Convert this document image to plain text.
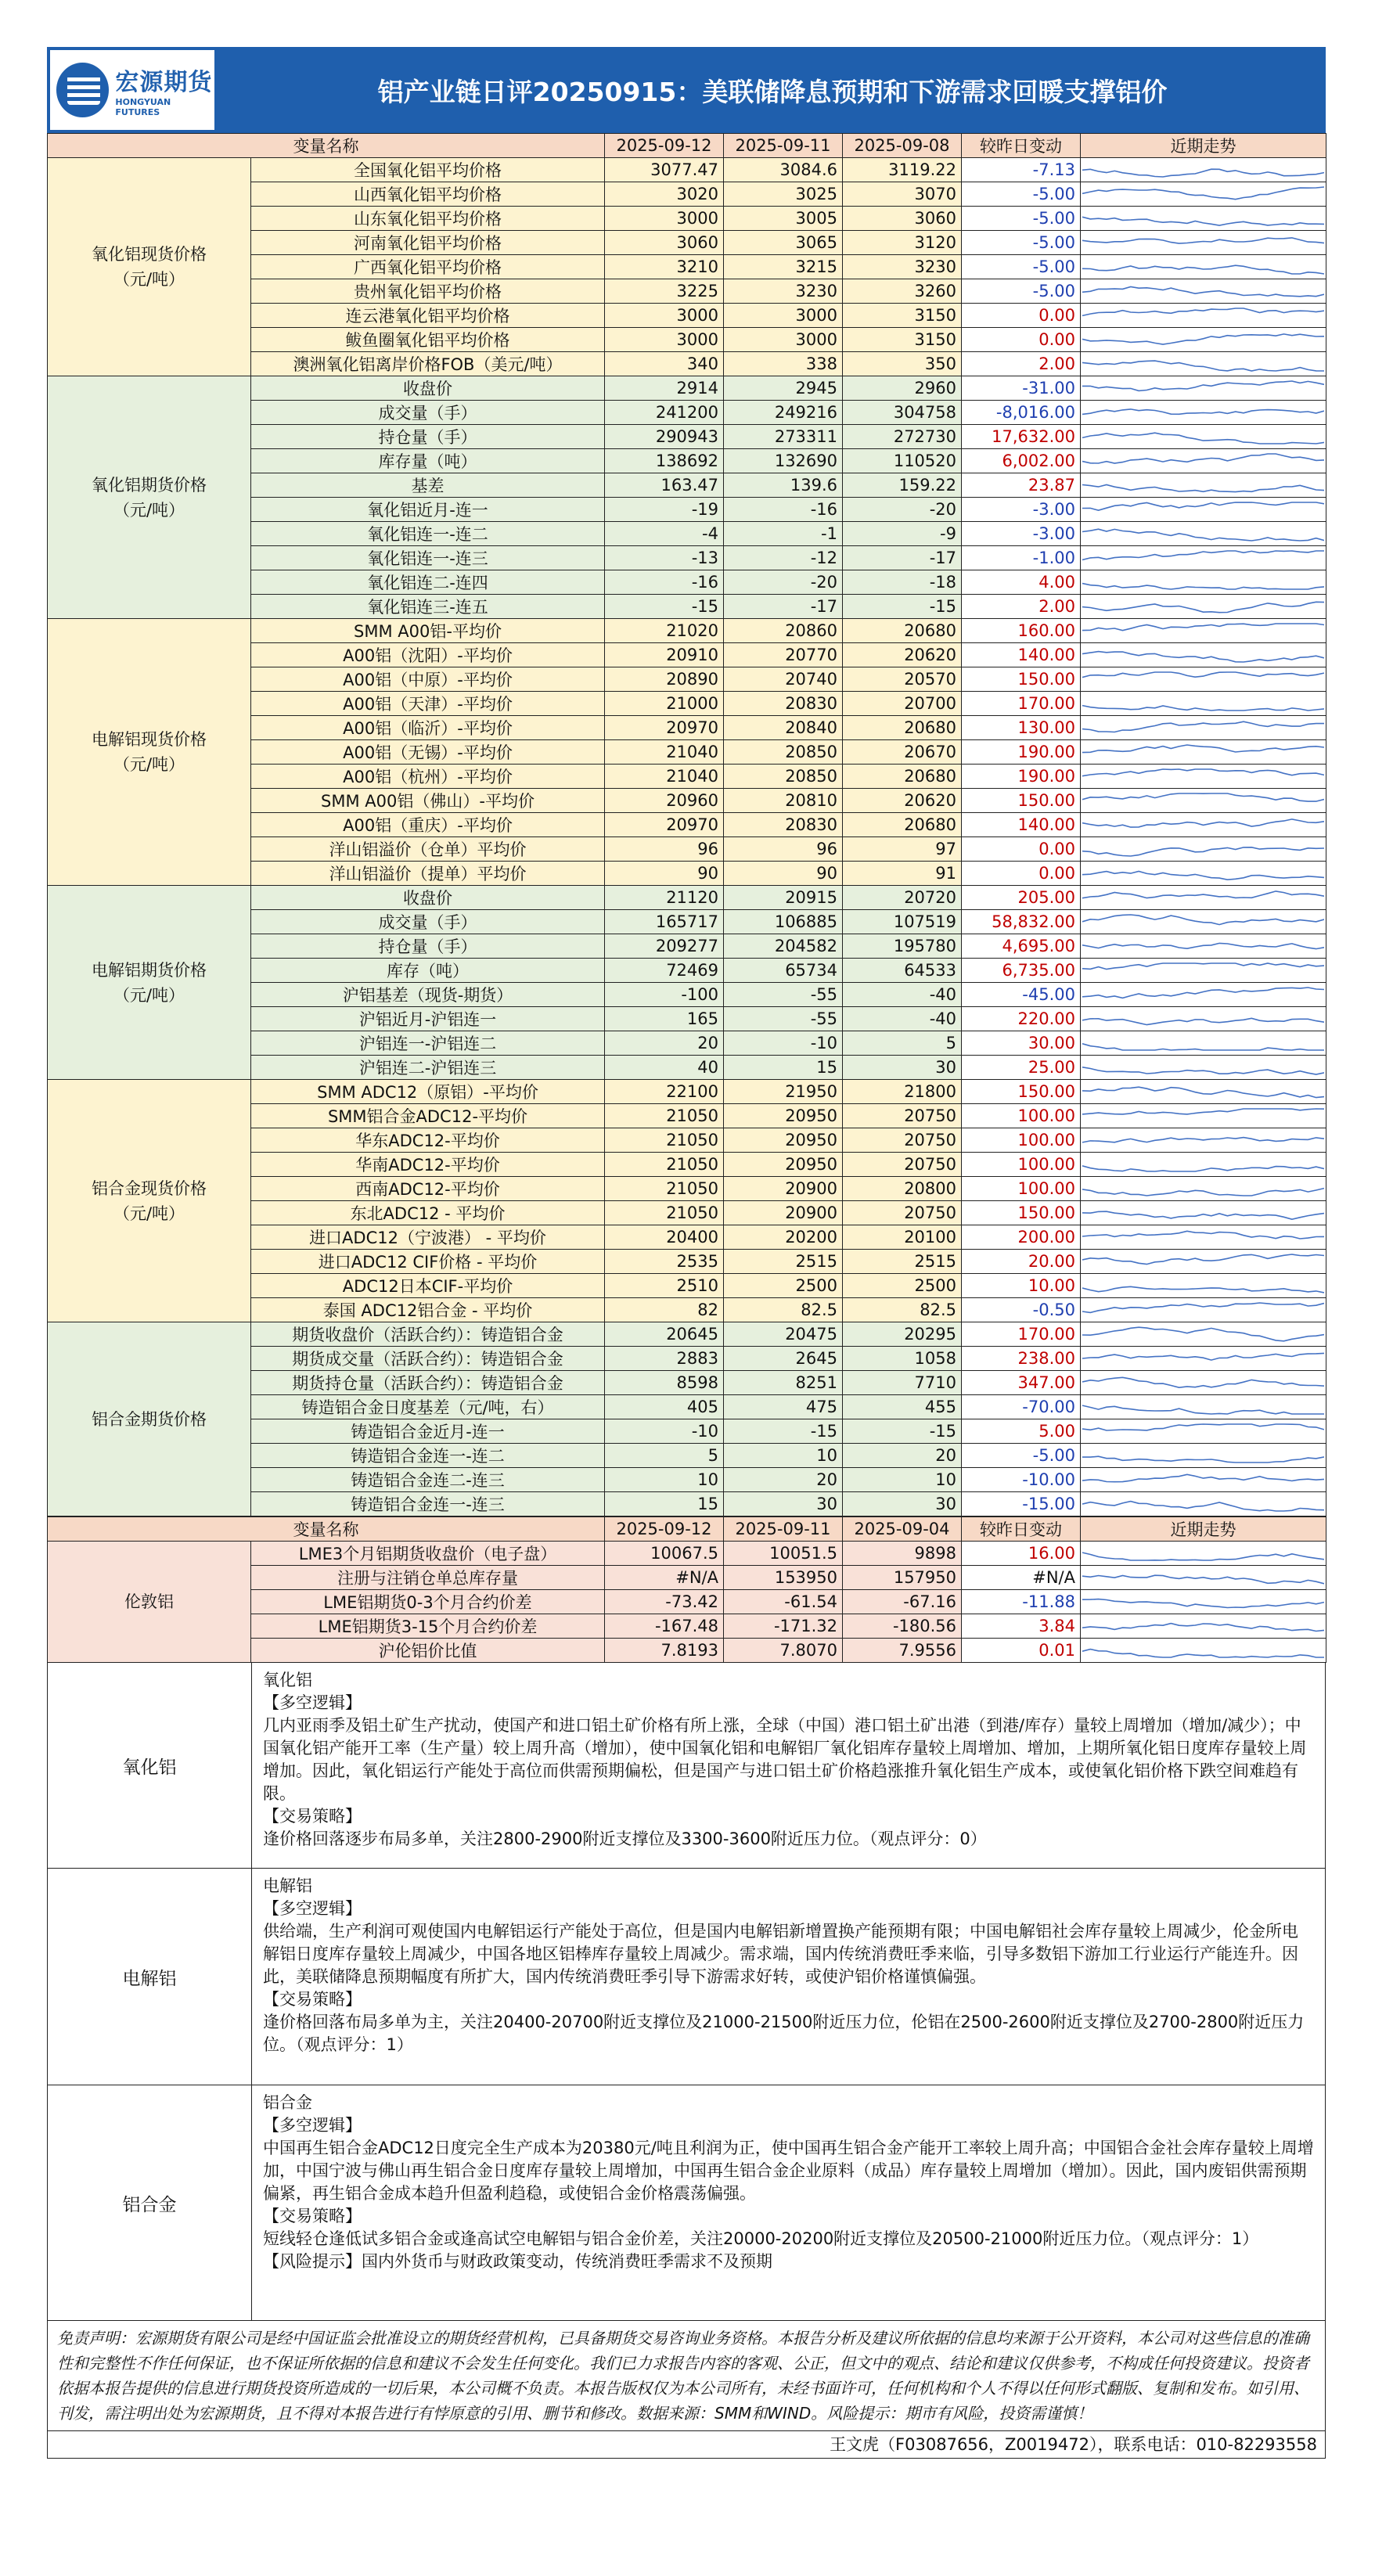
宏源期货
HONGYUAN FUTURES
铝产业链日评20250915：美联储降息预期和下游需求回暖支撑铝价
变量名称		2025-09-12	2025-09-11	2025-09-08	较昨日变动	近期走势
氧化铝现货价格
（元/吨）	全国氧化铝平均价格	3077.47	3084.6	3119.22	-7.13	

	山西氧化铝平均价格	3020	3025	3070	-5.00	

	山东氧化铝平均价格	3000	3005	3060	-5.00	

	河南氧化铝平均价格	3060	3065	3120	-5.00	

	广西氧化铝平均价格	3210	3215	3230	-5.00	

	贵州氧化铝平均价格	3225	3230	3260	-5.00	

	连云港氧化铝平均价格	3000	3000	3150	0.00	

	鲅鱼圈氧化铝平均价格	3000	3000	3150	0.00	

	澳洲氧化铝离岸价格FOB（美元/吨）	340	338	350	2.00	

氧化铝期货价格
（元/吨）	收盘价	2914	2945	2960	-31.00	

	成交量（手）	241200	249216	304758	-8,016.00	

	持仓量（手）	290943	273311	272730	17,632.00	

	库存量（吨）	138692	132690	110520	6,002.00	

	基差	163.47	139.6	159.22	23.87	

	氧化铝近月-连一	-19	-16	-20	-3.00	

	氧化铝连一-连二	-4	-1	-9	-3.00	

	氧化铝连一-连三	-13	-12	-17	-1.00	

	氧化铝连二-连四	-16	-20	-18	4.00	

	氧化铝连三-连五	-15	-17	-15	2.00	

电解铝现货价格
（元/吨）	SMM A00铝-平均价	21020	20860	20680	160.00	

	A00铝（沈阳）-平均价	20910	20770	20620	140.00	

	A00铝（中原）-平均价	20890	20740	20570	150.00	

	A00铝（天津）-平均价	21000	20830	20700	170.00	

	A00铝（临沂）-平均价	20970	20840	20680	130.00	

	A00铝（无锡）-平均价	21040	20850	20670	190.00	

	A00铝（杭州）-平均价	21040	20850	20680	190.00	

	SMM A00铝（佛山）-平均价	20960	20810	20620	150.00	

	A00铝（重庆）-平均价	20970	20830	20680	140.00	

	洋山铝溢价（仓单）平均价	96	96	97	0.00	

	洋山铝溢价（提单）平均价	90	90	91	0.00	

电解铝期货价格
（元/吨）	收盘价	21120	20915	20720	205.00	

	成交量（手）	165717	106885	107519	58,832.00	

	持仓量（手）	209277	204582	195780	4,695.00	

	库存（吨）	72469	65734	64533	6,735.00	

	沪铝基差（现货-期货）	-100	-55	-40	-45.00	

	沪铝近月-沪铝连一	165	-55	-40	220.00	

	沪铝连一-沪铝连二	20	-10	5	30.00	

	沪铝连二-沪铝连三	40	15	30	25.00	

铝合金现货价格
（元/吨）	SMM ADC12（原铝）-平均价	22100	21950	21800	150.00	

	SMM铝合金ADC12-平均价	21050	20950	20750	100.00	

	华东ADC12-平均价	21050	20950	20750	100.00	

	华南ADC12-平均价	21050	20950	20750	100.00	

	西南ADC12-平均价	21050	20900	20800	100.00	

	东北ADC12 - 平均价	21050	20900	20750	150.00	

	进口ADC12（宁波港） - 平均价	20400	20200	20100	200.00	

	进口ADC12 CIF价格 - 平均价	2535	2515	2515	20.00	

	ADC12日本CIF-平均价	2510	2500	2500	10.00	

	泰国 ADC12铝合金 - 平均价	82	82.5	82.5	-0.50	

铝合金期货价格	期货收盘价（活跃合约）：铸造铝合金	20645	20475	20295	170.00	

	期货成交量（活跃合约）：铸造铝合金	2883	2645	1058	238.00	

	期货持仓量（活跃合约）：铸造铝合金	8598	8251	7710	347.00	

	铸造铝合金日度基差（元/吨，右）	405	475	455	-70.00	

	铸造铝合金近月-连一	-10	-15	-15	5.00	

	铸造铝合金连一-连二	5	10	20	-5.00	

	铸造铝合金连二-连三	10	20	10	-10.00	

	铸造铝合金连一-连三	15	30	30	-15.00	
变量名称		2025-09-12	2025-09-11	2025-09-04	较昨日变动	近期走势
伦敦铝	LME3个月铝期货收盘价（电子盘）	10067.5	10051.5	9898	16.00	

	注册与注销仓单总库存量	#N/A	153950	157950	#N/A	

	LME铝期货0-3个月合约价差	-73.42	-61.54	-67.16	-11.88	

	LME铝期货3-15个月合约价差	-167.48	-171.32	-180.56	3.84	

	沪伦铝价比值	7.8193	7.8070	7.9556	0.01	
氧化铝
氧化铝
【多空逻辑】
几内亚雨季及铝土矿生产扰动，使国产和进口铝土矿价格有所上涨，全球（中国）港口铝土矿出港（到港/库存）量较上周增加（增加/减少）；中国氧化铝产能开工率（生产量）较上周升高（增加），使中国氧化铝和电解铝厂氧化铝库存量较上周增加、增加，上期所氧化铝日度库存量较上周增加。因此，氧化铝运行产能处于高位而供需预期偏松，但是国产与进口铝土矿价格趋涨推升氧化铝生产成本，或使氧化铝价格下跌空间难趋有限。
【交易策略】
逢价格回落逐步布局多单，关注2800-2900附近支撑位及3300-3600附近压力位。（观点评分：0）
电解铝
电解铝
【多空逻辑】
供给端，生产利润可观使国内电解铝运行产能处于高位，但是国内电解铝新增置换产能预期有限；中国电解铝社会库存量较上周减少，伦金所电解铝日度库存量较上周减少，中国各地区铝棒库存量较上周减少。需求端，国内传统消费旺季来临，引导多数铝下游加工行业运行产能连升。因此，美联储降息预期幅度有所扩大，国内传统消费旺季引导下游需求好转，或使沪铝价格谨慎偏强。
【交易策略】
逢价格回落布局多单为主，关注20400-20700附近支撑位及21000-21500附近压力位，伦铝在2500-2600附近支撑位及2700-2800附近压力位。（观点评分：1）
铝合金
铝合金
【多空逻辑】
中国再生铝合金ADC12日度完全生产成本为20380元/吨且利润为正，使中国再生铝合金产能开工率较上周升高；中国铝合金社会库存量较上周增加，中国宁波与佛山再生铝合金日度库存量较上周增加，中国再生铝合金企业原料（成品）库存量较上周增加（增加）。因此，国内废铝供需预期偏紧，再生铝合金成本趋升但盈利趋稳，或使铝合金价格震荡偏强。
【交易策略】
短线轻仓逢低试多铝合金或逢高试空电解铝与铝合金价差，关注20000-20200附近支撑位及20500-21000附近压力位。（观点评分：1）
【风险提示】国内外货币与财政政策变动，传统消费旺季需求不及预期
免责声明：宏源期货有限公司是经中国证监会批准设立的期货经营机构，已具备期货交易咨询业务资格。本报告分析及建议所依据的信息均来源于公开资料，本公司对这些信息的准确性和完整性不作任何保证，也不保证所依据的信息和建议不会发生任何变化。我们已力求报告内容的客观、公正，但文中的观点、结论和建议仅供参考，不构成任何投资建议。投资者依据本报告提供的信息进行期货投资所造成的一切后果，本公司概不负责。本报告版权仅为本公司所有，未经书面许可，任何机构和个人不得以任何形式翻版、复制和发布。如引用、刊发，需注明出处为宏源期货，且不得对本报告进行有悖原意的引用、删节和修改。数据来源：SMM和WIND。风险提示：期市有风险，投资需谨慎！
王文虎（F03087656，Z0019472），联系电话：010-82293558
